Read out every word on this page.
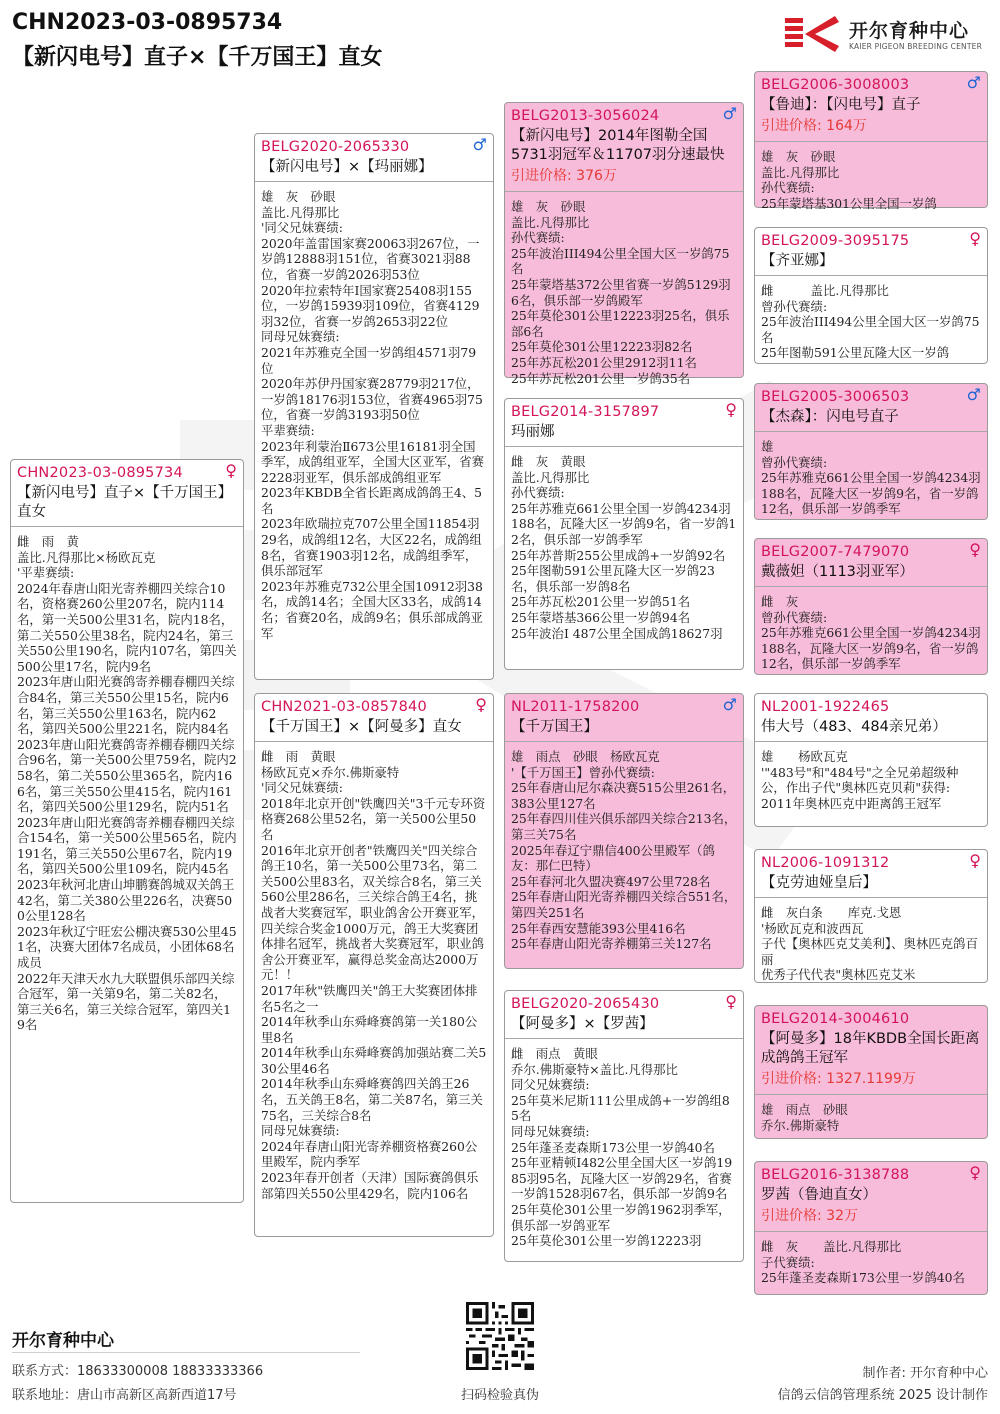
CHN2023-03-0895734
【新闪电号】直子×【千万国王】直女
开尔育种中心
KAIER PIGEON BREEDING CENTER
CHN2023-03-0895734	♀
【新闪电号】直子×【千万国王】直女
雌　雨　黄
盖比.凡得那比×杨欧瓦克
'平辈赛绩:
2024年春唐山阳光寄养棚四关综合10名，资格赛260公里207名，院内114名，第一关500公里31名，院内18名，第二关550公里38名，院内24名，第三关550公里190名，院内107名，第四关500公里17名，院内9名
2023年唐山阳光赛鸽寄养棚春棚四关综合84名，第三关550公里15名，院内6名，第三关550公里163名，院内62名，第四关500公里221名，院内84名
2023年唐山阳光赛鸽寄养棚春棚四关综合96名，第一关500公里759名，院内258名，第二关550公里365名，院内166名，第三关550公里415名，院内161名，第四关500公里129名，院内51名
2023年唐山阳光赛鸽寄养棚春棚四关综合154名，第一关500公里565名，院内191名，第三关550公里67名，院内19名，第四关500公里109名，院内45名
2023年秋河北唐山坤鹏赛鸽城双关鸽王42名，第二关380公里226名，决赛500公里128名
2023年秋辽宁旺宏公棚决赛530公里451名，决赛大团体7名成员，小团体68名成员
2022年天津天水九大联盟俱乐部四关综合冠军，第一关第9名，第二关82名，第三关6名，第三关综合冠军，第四关19名
BELG2020-2065330	♂
【新闪电号】×【玛丽娜】
雄　灰　砂眼
盖比.凡得那比
'同父兄妹赛绩:
2020年盖雷国家赛20063羽267位，一岁鸽12888羽151位，省赛3021羽88位，省赛一岁鸽2026羽53位
2020年拉索特年I国家赛25408羽155位，一岁鸽15939羽109位，省赛4129羽32位，省赛一岁鸽2653羽22位
同母兄妹赛绩:
2021年苏雅克全国一岁鸽组4571羽79位
2020年苏伊丹国家赛28779羽217位，一岁鸽18176羽153位，省赛4965羽75位，省赛一岁鸽3193羽50位
平辈赛绩:
2023年利蒙治Ⅱ673公里16181羽全国季军，成鸽组亚军，全国大区亚军，省赛2228羽亚军，俱乐部成鸽组亚军
2023年KBDB全省长距离成鸽鸽王4、5名
2023年欧瑞拉克707公里全国11854羽29名，成鸽组12名，大区22名，成鸽组8名，省赛1903羽12名，成鸽组季军，俱乐部冠军
2023年苏雅克732公里全国10912羽38名，成鸽14名；全国大区33名，成鸽14名；省赛20名，成鸽9名；俱乐部成鸽亚军
CHN2021-03-0857840	♀
【千万国王】×【阿曼多】直女
雌　雨　黄眼
杨欧瓦克×乔尔.佛斯豪特
'同父兄妹赛绩:
2018年北京开创"铁鹰四关"3千元专环资格赛268公里52名，第一关500公里50名
2016年北京开创者"铁鹰四关"四关综合鸽王10名，第一关500公里73名，第二关500公里83名，双关综合8名，第三关560公里286名，三关综合鸽王4名，挑战者大奖赛冠军，职业鸽舍公开赛亚军，四关综合奖金1000万元，鸽王大奖赛团体排名冠军，挑战者大奖赛冠军，职业鸽舍公开赛亚军，赢得总奖金高达2000万元！！
2017年秋"铁鹰四关"鸽王大奖赛团体排名5名之一
2014年秋季山东舜峰赛鸽第一关180公里8名
2014年秋季山东舜峰赛鸽加强站赛二关530公里46名
2014年秋季山东舜峰赛鸽四关鸽王26名，五关鸽王8名，第二关87名，第三关75名，三关综合8名
同母兄妹赛绩:
2024年春唐山阳光寄养棚资格赛260公里殿军，院内季军
2023年春开创者（天津）国际赛鸽俱乐部第四关550公里429名，院内106名
BELG2013-3056024	♂
【新闪电号】2014年图勒全国5731羽冠军＆11707羽分速最快
引进价格: 376万
雄　灰　砂眼
盖比.凡得那比
孙代赛绩:
25年波治III494公里全国大区一岁鸽75名
25年蒙塔基372公里省赛一岁鸽5129羽6名，俱乐部一岁鸽殿军
25年莫伦301公里12223羽25名，俱乐部6名
25年莫伦301公里12223羽82名
25年苏瓦松201公里2912羽11名
25年苏瓦松201公里一岁鸽35名
BELG2014-3157897	♀
玛丽娜
雌　灰　黄眼
盖比.凡得那比
孙代赛绩:
25年苏雅克661公里全国一岁鸽4234羽188名，瓦隆大区一岁鸽9名，省一岁鸽12名，俱乐部一岁鸽季军
25年苏普斯255公里成鸽+一岁鸽92名
25年图勒591公里瓦隆大区一岁鸽23名，俱乐部一岁鸽8名
25年苏瓦松201公里一岁鸽51名
25年蒙塔基366公里一岁鸽94名
25年波治I 487公里全国成鸽18627羽
NL2011-1758200	♂
【千万国王】
雄　雨点　砂眼　杨欧瓦克
'【千万国王】曾孙代赛绩:
25年春唐山尼尔森决赛515公里261名，383公里127名
25年春四川佳兴俱乐部四关综合213名，第三关75名
2025年春辽宁鼎信400公里殿军（鸽友：那仁巴特）
25年春河北久盟决赛497公里728名
25年春唐山阳光寄养棚四关综合551名，第四关251名
25年春西安慧能393公里416名
25年春唐山阳光寄养棚第三关127名
BELG2020-2065430	♀
【阿曼多】×【罗茜】
雌　雨点　黄眼
乔尔.佛斯豪特×盖比.凡得那比
同父兄妹赛绩:
25年莫米尼斯111公里成鸽+一岁鸽组85名
同母兄妹赛绩:
25年蓬圣麦森斯173公里一岁鸽40名
25年亚精顿I482公里全国大区一岁鸽1985羽95名，瓦隆大区一岁鸽29名，省赛一岁鸽1528羽67名，俱乐部一岁鸽9名
25年莫伦301公里一岁鸽1962羽季军，俱乐部一岁鸽亚军
25年莫伦301公里一岁鸽12223羽
BELG2006-3008003	♂
【鲁迪】：【闪电号】直子
引进价格: 164万
雄　灰　砂眼
盖比.凡得那比
孙代赛绩:
25年蒙塔基301公里全国一岁鸽
BELG2009-3095175	♀
【齐亚娜】
雌　　　盖比.凡得那比
曾孙代赛绩:
25年波治III494公里全国大区一岁鸽75名
25年图勒591公里瓦隆大区一岁鸽
BELG2005-3006503	♂
【杰森】：闪电号直子
雄
曾孙代赛绩:
25年苏雅克661公里全国一岁鸽4234羽188名，瓦隆大区一岁鸽9名，省一岁鸽12名，俱乐部一岁鸽季军
BELG2007-7479070	♀
戴薇妲（1113羽亚军）
雌　灰
曾孙代赛绩:
25年苏雅克661公里全国一岁鸽4234羽188名，瓦隆大区一岁鸽9名，省一岁鸽12名，俱乐部一岁鸽季军
NL2001-1922465
伟大号（483、484亲兄弟）
雄　　杨欧瓦克
'"483号"和"484号"之全兄弟超级种公，作出子代"奥林匹克贝莉"获得:
2011年奥林匹克中距离鸽王冠军
NL2006-1091312	♀
【克劳迪娅皇后】
雌　灰白条　　库克.戈恩
'杨欧瓦克和波西瓦
子代【奥林匹克艾美利】、奥林匹克鸽百丽
优秀子代代表"奥林匹克艾米
BELG2014-3004610
【阿曼多】18年KBDB全国长距离成鸽鸽王冠军
引进价格: 1327.1199万
雄　雨点　砂眼
乔尔.佛斯豪特
BELG2016-3138788	♀
罗茜（鲁迪直女）
引进价格: 32万
雌　灰　　盖比.凡得那比
子代赛绩:
25年蓬圣麦森斯173公里一岁鸽40名
开尔育种中心
联系方式：18633300008 18833333366
联系地址：唐山市高新区高新西道17号	扫码检验真伪
制作者: 开尔育种中心
信鸽云信鸽管理系统 2025 设计制作
